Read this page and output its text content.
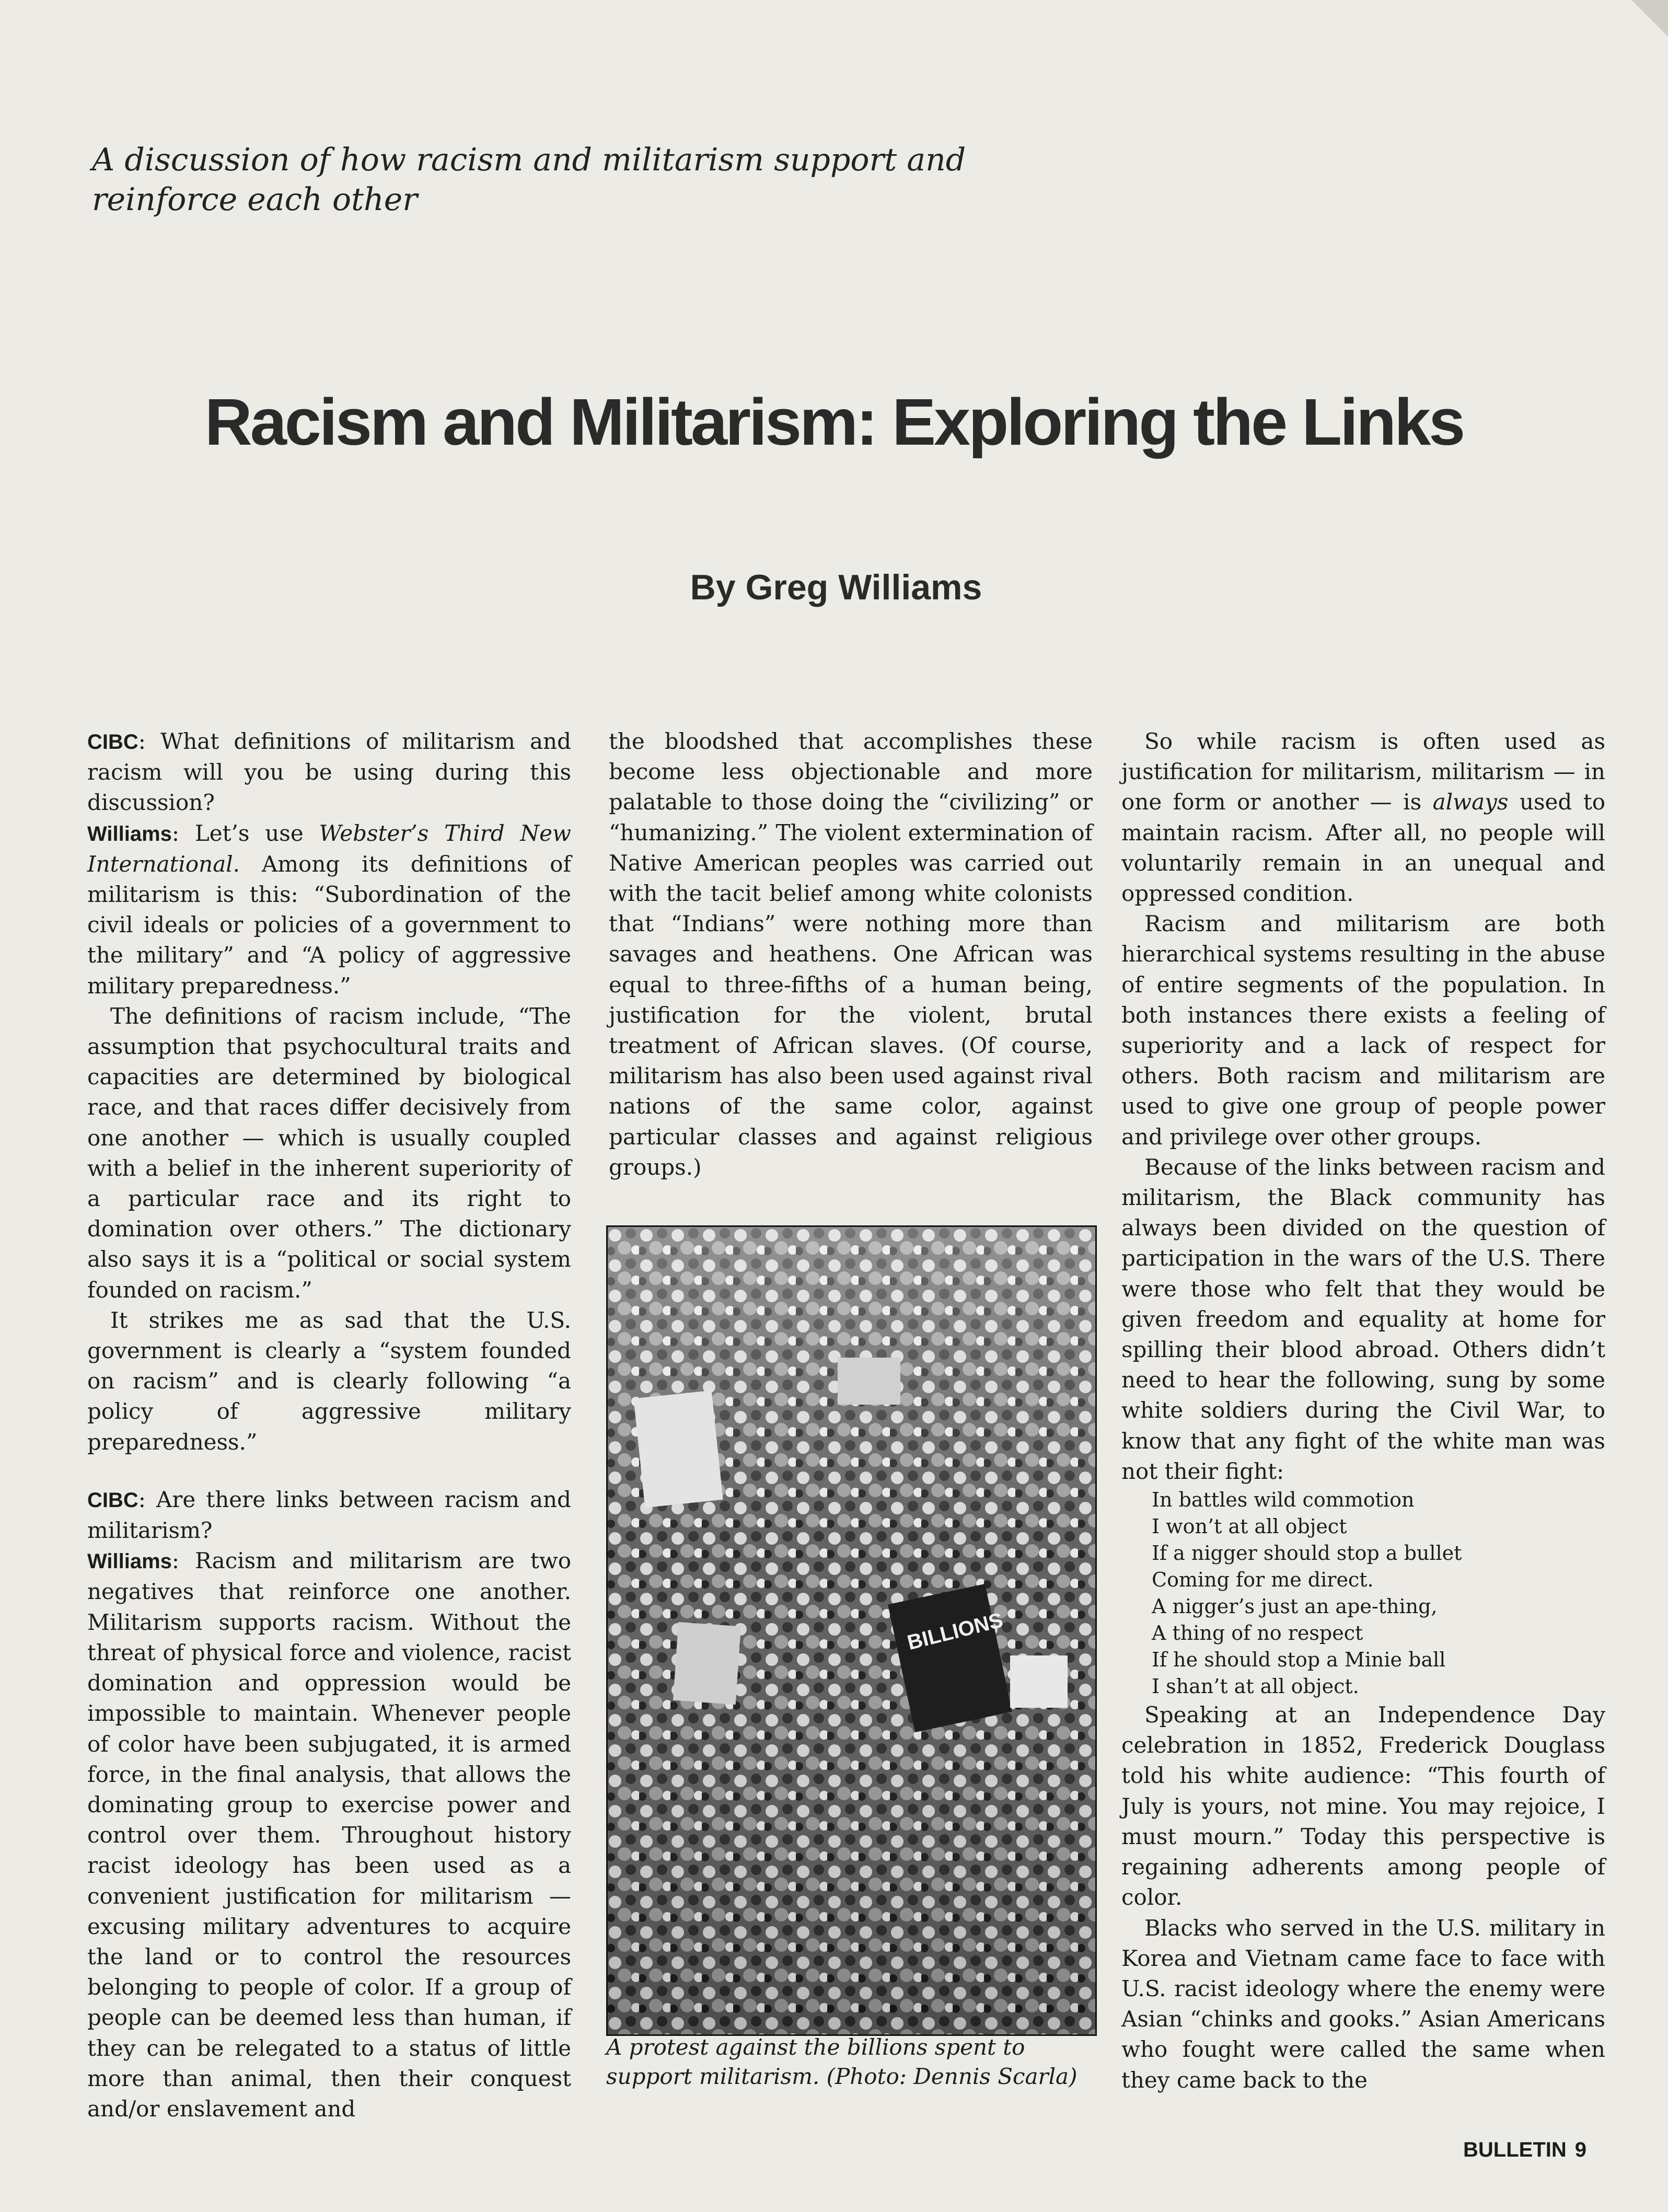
A discussion of how racism and militarism support and reinforce each other
Racism and Militarism: Exploring the Links
By Greg Williams

CIBC: What definitions of militarism and racism will you be using during this discussion?

Williams: Let’s use Webster’s Third New International. Among its definitions of militarism is this: “Subordination of the civil ideals or policies of a government to the military” and “A policy of aggressive military preparedness.”

The definitions of racism include, “The assumption that psychocultural traits and capacities are determined by biological race, and that races differ decisively from one another — which is usually coupled with a belief in the inherent superiority of a particular race and its right to domination over others.” The dictionary also says it is a “political or social system founded on racism.”

It strikes me as sad that the U.S. government is clearly a “system founded on racism” and is clearly following “a policy of aggressive military preparedness.”

CIBC: Are there links between racism and militarism?

Williams: Racism and militarism are two negatives that reinforce one another. Militarism supports racism. Without the threat of physical force and violence, racist domination and oppression would be impossible to maintain. Whenever people of color have been subjugated, it is armed force, in the final analysis, that allows the dominating group to exercise power and control over them. Throughout history racist ideology has been used as a convenient justification for militarism — excusing military adventures to acquire the land or to control the resources belonging to people of color. If a group of people can be deemed less than human, if they can be relegated to a status of little more than animal, then their conquest and/or enslavement and

the bloodshed that accomplishes these become less objectionable and more palatable to those doing the “civilizing” or “humanizing.” The violent extermination of Native American peoples was carried out with the tacit belief among white colonists that “Indians” were nothing more than savages and heathens. One African was equal to three-fifths of a human being, justification for the violent, brutal treatment of African slaves. (Of course, militarism has also been used against rival nations of the same color, against particular classes and against religious groups.)

BILLIONS
A protest against the billions spent to support militarism. (Photo: Dennis Scarla)

So while racism is often used as justification for militarism, militarism — in one form or another — is always used to maintain racism. After all, no people will voluntarily remain in an unequal and oppressed condition.

Racism and militarism are both hierarchical systems resulting in the abuse of entire segments of the population. In both instances there exists a feeling of superiority and a lack of respect for others. Both racism and militarism are used to give one group of people power and privilege over other groups.

Because of the links between racism and militarism, the Black community has always been divided on the question of participation in the wars of the U.S. There were those who felt that they would be given freedom and equality at home for spilling their blood abroad. Others didn’t need to hear the following, sung by some white soldiers during the Civil War, to know that any fight of the white man was not their fight:

In battles wild commotion
I won’t at all object
If a nigger should stop a bullet
Coming for me direct.
A nigger’s just an ape-thing,
A thing of no respect
If he should stop a Minie ball
I shan’t at all object.

Speaking at an Independence Day celebration in 1852, Frederick Douglass told his white audience: “This fourth of July is yours, not mine. You may rejoice, I must mourn.” Today this perspective is regaining adherents among people of color.

Blacks who served in the U.S. military in Korea and Vietnam came face to face with U.S. racist ideology where the enemy were Asian “chinks and gooks.” Asian Americans who fought were called the same when they came back to the

BULLETIN 9
